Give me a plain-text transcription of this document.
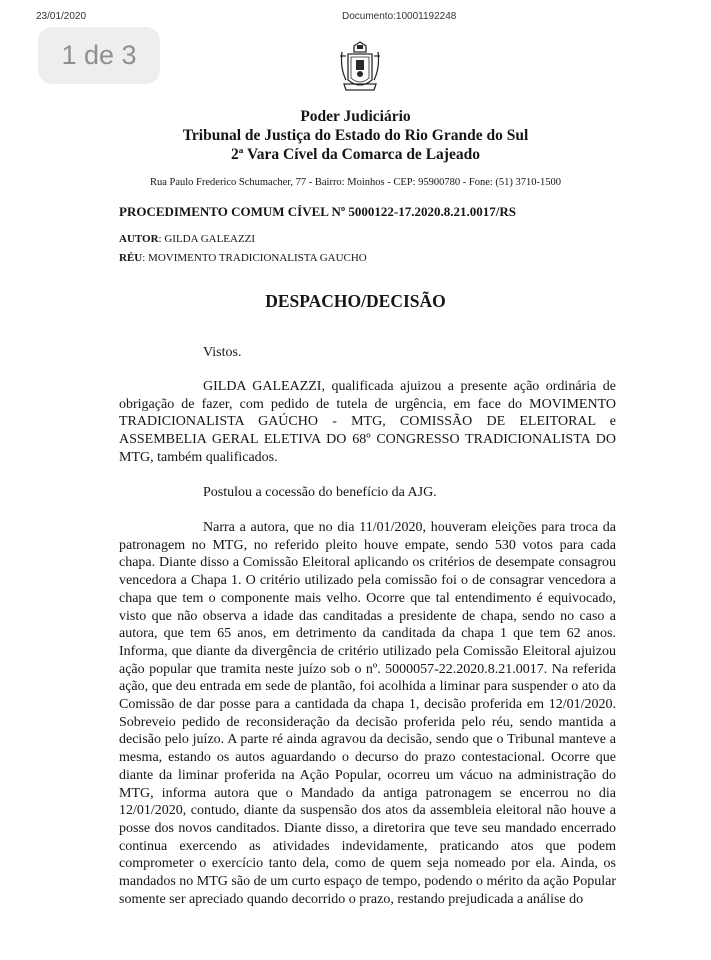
23/01/2020	Documento:10001192248
1 de 3
Poder Judiciário
Tribunal de Justiça do Estado do Rio Grande do Sul
2ª Vara Cível da Comarca de Lajeado
Rua Paulo Frederico Schumacher, 77 - Bairro: Moinhos - CEP: 95900780 - Fone: (51) 3710-1500
PROCEDIMENTO COMUM CÍVEL Nº 5000122-17.2020.8.21.0017/RS
AUTOR: GILDA GALEAZZI
RÉU: MOVIMENTO TRADICIONALISTA GAUCHO
DESPACHO/DECISÃO

Vistos.

GILDA GALEAZZI, qualificada ajuizou a presente ação ordinária de obrigação de fazer, com pedido de tutela de urgência, em face do MOVIMENTO TRADICIONALISTA GAÚCHO - MTG, COMISSÃO DE ELEITORAL e ASSEMBELIA GERAL ELETIVA DO 68º CONGRESSO TRADICIONALISTA DO MTG, também qualificados.

Postulou a cocessão do benefício da AJG.

Narra a autora, que no dia 11/01/2020, houveram eleições para troca da patronagem no MTG, no referido pleito houve empate, sendo 530 votos para cada chapa. Diante disso a Comissão Eleitoral aplicando os critérios de desempate consagrou vencedora a Chapa 1. O critério utilizado pela comissão foi o de consagrar vencedora a chapa que tem o componente mais velho. Ocorre que tal entendimento é equivocado, visto que não observa a idade das canditadas a presidente de chapa, sendo no caso a autora, que tem 65 anos, em detrimento da canditada da chapa 1 que tem 62 anos. Informa, que diante da divergência de critério utilizado pela Comissão Eleitoral ajuizou ação popular que tramita neste juízo sob o nº. 5000057-22.2020.8.21.0017. Na referida ação, que deu entrada em sede de plantão, foi acolhida a liminar para suspender o ato da Comissão de dar posse para a cantidada da chapa 1, decisão proferida em 12/01/2020. Sobreveio pedido de reconsideração da decisão proferida pelo réu, sendo mantida a decisão pelo juízo. A parte ré ainda agravou da decisão, sendo que o Tribunal manteve a mesma, estando os autos aguardando o decurso do prazo contestacional. Ocorre que diante da liminar proferida na Ação Popular, ocorreu um vácuo na administração do MTG, informa autora que o Mandado da antiga patronagem se encerrou no dia 12/01/2020, contudo, diante da suspensão dos atos da assembleia eleitoral não houve a posse dos novos canditados. Diante disso, a diretorira que teve seu mandado encerrado continua exercendo as atividades indevidamente, praticando atos que podem comprometer o exercício tanto dela, como de quem seja nomeado por ela. Ainda, os mandados no MTG são de um curto espaço de tempo, podendo o mérito da ação Popular somente ser apreciado quando decorrido o prazo, restando prejudicada a análise do
